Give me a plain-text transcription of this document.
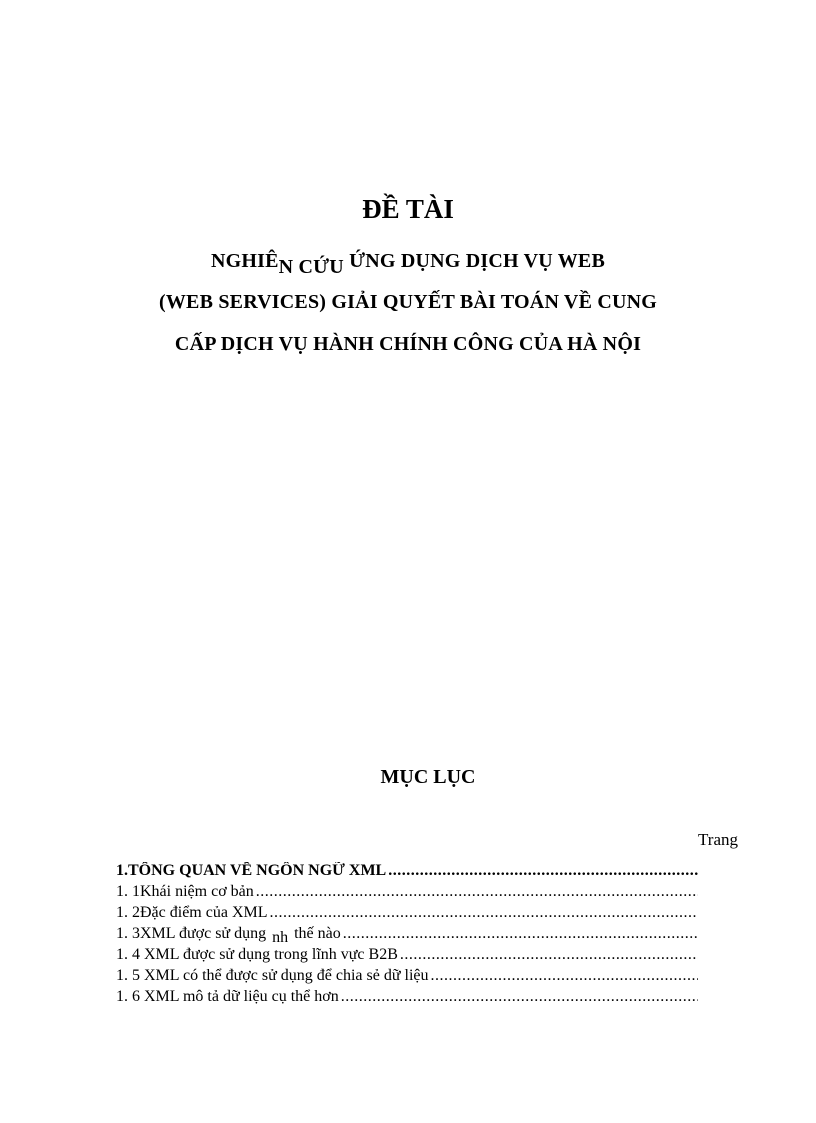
ĐỀ TÀI

NGHIÊN CỨU ỨNG DỤNG DỊCH VỤ WEB

(WEB SERVICES) GIẢI QUYẾT BÀI TOÁN VỀ CUNG

CẤP DỊCH VỤ HÀNH CHÍNH CÔNG CỦA HÀ NỘI

MỤC LỤC
Trang
1.TỔNG QUAN VỀ NGÔN NGỮ XML
.....
1. 1Khái niệm cơ bản
.....
1. 2Đặc điểm của XML
.....
1. 3XML được sử dụng nh thế nào
.....
1. 4 XML được sử dụng trong lĩnh vực B2B
.....
1. 5 XML có thể được sử dụng để chia sẻ dữ liệu
.....
1. 6 XML mô tả dữ liệu cụ thể hơn
.....
